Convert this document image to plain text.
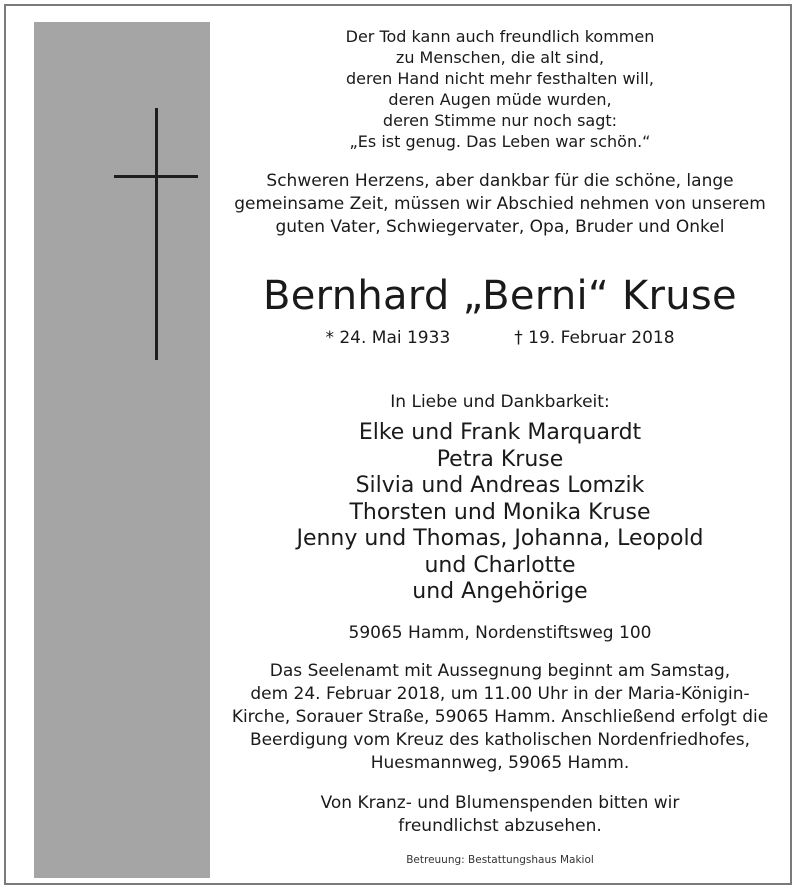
Der Tod kann auch freundlich kommen
zu Menschen, die alt sind,
deren Hand nicht mehr festhalten will,
deren Augen müde wurden,
deren Stimme nur noch sagt:
„Es ist genug. Das Leben war schön.“
Schweren Herzens, aber dankbar für die schöne, lange
gemeinsame Zeit, müssen wir Abschied nehmen von unserem
guten Vater, Schwiegervater, Opa, Bruder und Onkel
Bernhard „Berni“ Kruse
* 24. Mai 1933	† 19. Februar 2018
In Liebe und Dankbarkeit:
Elke und Frank Marquardt
Petra Kruse
Silvia und Andreas Lomzik
Thorsten und Monika Kruse
Jenny und Thomas, Johanna, Leopold
und Charlotte
und Angehörige
59065 Hamm, Nordenstiftsweg 100
Das Seelenamt mit Aussegnung beginnt am Samstag,
dem 24. Februar 2018, um 11.00 Uhr in der Maria-Königin-
Kirche, Sorauer Straße, 59065 Hamm. Anschließend erfolgt die
Beerdigung vom Kreuz des katholischen Nordenfriedhofes,
Huesmannweg, 59065 Hamm.
Von Kranz- und Blumenspenden bitten wir
freundlichst abzusehen.
Betreuung: Bestattungshaus Makiol
